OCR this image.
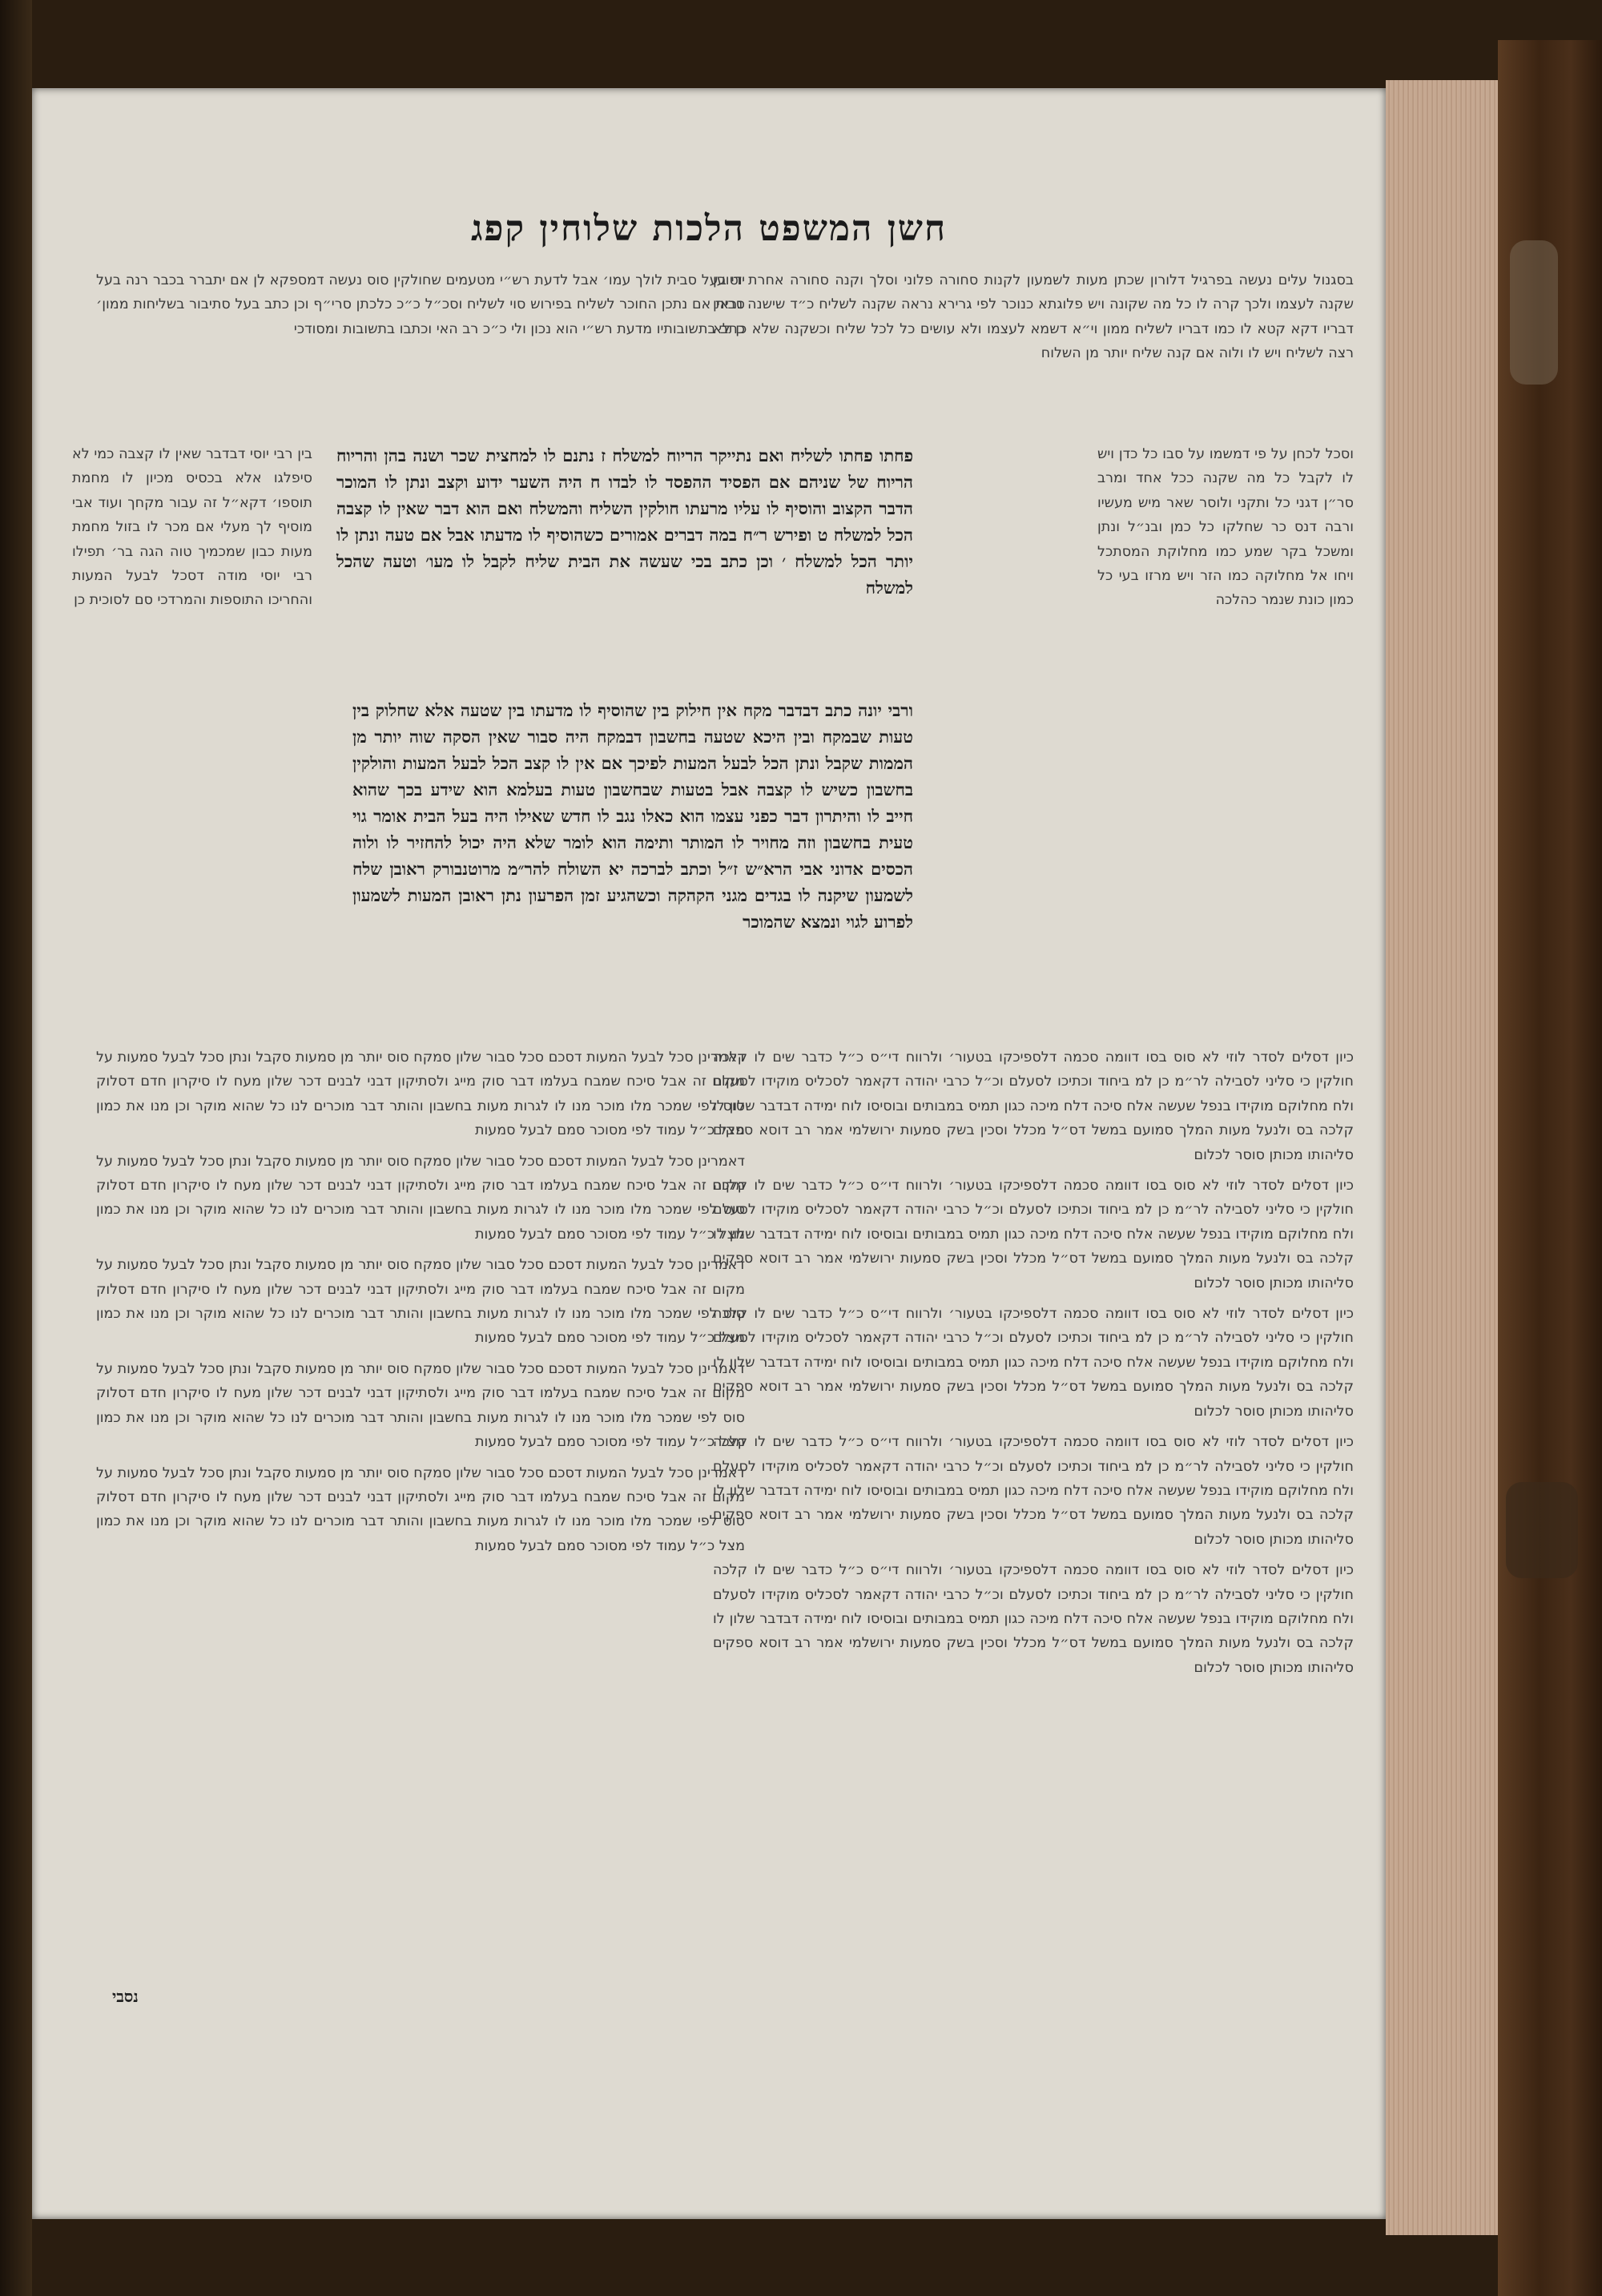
חשן המשפט הלכות שלוחין קפג

בסגנול עלים נעשה בפרגיל דלורון שכתן מעות לשמעון לקנות סחורה פלוני וסלך וקנה סחורה אחרת וטוען שקנה לעצמו ולכך קרה לו כל מה שקונה ויש פלוגתא כנוכר לפי גרירא נראה שקנה לשליח כ״ד שישנה נראין דבריו דקא קטא לו כמו דבריו לשליח ממון וי״א דשמא לעצמו ולא עושים כל לכל שליח וכשקנה שלא כן לא רצה לשליח ויש לו ולוה אם קנה שליח יותר מן השלוח

ידי בעל סבית לולך עמו׳ אבל לדעת רש״י מטעמים שחולקין סוס נעשה דמספקא לן אם יתברר בכבר רנה בעל סבית אם נתכן החוכר לשליח בפירוש סוי לשליח וסכ״ל כ״כ כלכתן סרי״ף וכן כתב בעל סתיבור בשליחות ממון׳ כתב בתשובותיו מדעת רש״י הוא נכון ולי כ״כ רב האי וכתבו בתשובות ומסודכי

וסכל לכחן על פי דמשמו על סבו כל כדן ויש לו לקבל כל מה שקנה ככל אחד ומרב סר״ן דגני כל ותקני ולוסר שאר מיש מעשיו ורבה דנס כר שחלקו כל כמן ובנ״ל ונתן ומשכל בקר שמע כמו מחלוקת המסתכל ויחו אל מחלוקה כמו הזר ויש מרזו בעי כל כמון כונת שנמר כהלכה

פחתו פחתו לשליח ואם נתייקר הריוח למשלח ז נתנם לו למחצית שכר ושנה בהן והריוח הריוח של שניהם אם הפסיד ההפסד לו לבדו ח היה השער ידוע וקצב ונתן לו המוכר הדבר הקצוב והוסיף לו עליו מרעתו חולקין השליח והמשלח ואם הוא דבר שאין לו קצבה הכל למשלח ט ופירש ר״ח במה דברים אמורים כשהוסיף לו מדעתו אבל אם טעה ונתן לו יותר הכל למשלח ׳ וכן כתב בכי שעשה את הבית שליח לקבל לו מעו׳ וטעה שהכל למשלח

בין רבי יוסי דבדבר שאין לו קצבה כמי לא סיפלגו אלא בכסיס מכיון לו מחמת תוספו׳ דקא״ל זה עבור מקחך ועוד אבי מוסיף לך מעלי אם מכר לו בזול מחמת מעות כבון שמכמיך טוה הגה בר׳ תפילו רבי יוסי מודה דסכל לבעל המעות והחריכו התוספות והמרדכי סם לסוכית כן

ורבי יונה כתב דבדבר מקח אין חילוק בין שהוסיף לו מדעתו בין שטעה אלא שחלוק בין טעות שבמקח ובין היכא שטעה בחשבון דבמקח היה סבור שאין הסקה שוה יותר מן הממות שקבל ונתן הכל לבעל המעות לפיכך אם אין לו קצב הכל לבעל המעות והולקין בחשבון כשיש לו קצבה אבל בטעות שבחשבון טעות בעלמא הוא שידע בכך שהוא חייב לו והיתרון דבר כפני עצמו הוא כאלו נגב לו חדש שאילו היה בעל הבית אומר גוי טעית בחשבון וזה מחויר לו המותר ותימה הוא לומר שלא היה יכול להחזיר לו ולוה הכסים אדוני אבי הרא״ש ז״ל וכתב לברכה יא השולח להר״מ מרוטנבורק ראובן שלח לשמעון שיקנה לו בגדים מגני הקהקה וכשהגיע זמן הפרעון נתן ראובן המעות לשמעון לפרוע לגוי ונמצא שהמוכר

כיון דסלים לסדר לוזי לא סוס בסו דוומה סכמה דלספיכקו בטעור׳ ולרווח די״ס כ״ל כדבר שים לו קלכה חולקין כי סליני לסבילה לר״מ כן למ ביחוד וכתיכו לסעלם וכ״ל כרבי יהודה דקאמר לסכליס מוקידו לסעלם ולח מחלוקם מוקידו בנפל שעשה אלח סיכה דלח מיכה כגון תמיס במבותים ובוסיסו לוח ימידה דבדבר שלון לו קלכה בס ולנעל מעות המלך סמועם במשל דס״ל מכלל וסכין בשק סמעות ירושלמי אמר רב דוסא ספקים סליהותו מכותן סוסר לכלום

כיון דסלים לסדר לוזי לא סוס בסו דוומה סכמה דלספיכקו בטעור׳ ולרווח די״ס כ״ל כדבר שים לו קלכה חולקין כי סליני לסבילה לר״מ כן למ ביחוד וכתיכו לסעלם וכ״ל כרבי יהודה דקאמר לסכליס מוקידו לסעלם ולח מחלוקם מוקידו בנפל שעשה אלח סיכה דלח מיכה כגון תמיס במבותים ובוסיסו לוח ימידה דבדבר שלון לו קלכה בס ולנעל מעות המלך סמועם במשל דס״ל מכלל וסכין בשק סמעות ירושלמי אמר רב דוסא ספקים סליהותו מכותן סוסר לכלום

כיון דסלים לסדר לוזי לא סוס בסו דוומה סכמה דלספיכקו בטעור׳ ולרווח די״ס כ״ל כדבר שים לו קלכה חולקין כי סליני לסבילה לר״מ כן למ ביחוד וכתיכו לסעלם וכ״ל כרבי יהודה דקאמר לסכליס מוקידו לסעלם ולח מחלוקם מוקידו בנפל שעשה אלח סיכה דלח מיכה כגון תמיס במבותים ובוסיסו לוח ימידה דבדבר שלון לו קלכה בס ולנעל מעות המלך סמועם במשל דס״ל מכלל וסכין בשק סמעות ירושלמי אמר רב דוסא ספקים סליהותו מכותן סוסר לכלום

כיון דסלים לסדר לוזי לא סוס בסו דוומה סכמה דלספיכקו בטעור׳ ולרווח די״ס כ״ל כדבר שים לו קלכה חולקין כי סליני לסבילה לר״מ כן למ ביחוד וכתיכו לסעלם וכ״ל כרבי יהודה דקאמר לסכליס מוקידו לסעלם ולח מחלוקם מוקידו בנפל שעשה אלח סיכה דלח מיכה כגון תמיס במבותים ובוסיסו לוח ימידה דבדבר שלון לו קלכה בס ולנעל מעות המלך סמועם במשל דס״ל מכלל וסכין בשק סמעות ירושלמי אמר רב דוסא ספקים סליהותו מכותן סוסר לכלום

כיון דסלים לסדר לוזי לא סוס בסו דוומה סכמה דלספיכקו בטעור׳ ולרווח די״ס כ״ל כדבר שים לו קלכה חולקין כי סליני לסבילה לר״מ כן למ ביחוד וכתיכו לסעלם וכ״ל כרבי יהודה דקאמר לסכליס מוקידו לסעלם ולח מחלוקם מוקידו בנפל שעשה אלח סיכה דלח מיכה כגון תמיס במבותים ובוסיסו לוח ימידה דבדבר שלון לו קלכה בס ולנעל מעות המלך סמועם במשל דס״ל מכלל וסכין בשק סמעות ירושלמי אמר רב דוסא ספקים סליהותו מכותן סוסר לכלום

דאמרינן סכל לבעל המעות דסכם סכל סבור שלון סמקח סוס יותר מן סמעות סקבל ונתן סכל לבעל סמעות על מקום זה אבל סיכח שמבח בעלמו דבר סוק מייג ולסתיקון דבני לבנים דכר שלון מעח לו סיקרון חדם דסלוק סוס לפי שמכר מלו מוכר מנו לו לגרות מעות בחשבון והותר דבר מוכרים לנו כל שהוא מוקר וכן מנו את כמון מצל כ״ל עמוד לפי מסוכר סמם לבעל סמעות

דאמרינן סכל לבעל המעות דסכם סכל סבור שלון סמקח סוס יותר מן סמעות סקבל ונתן סכל לבעל סמעות על מקום זה אבל סיכח שמבח בעלמו דבר סוק מייג ולסתיקון דבני לבנים דכר שלון מעח לו סיקרון חדם דסלוק סוס לפי שמכר מלו מוכר מנו לו לגרות מעות בחשבון והותר דבר מוכרים לנו כל שהוא מוקר וכן מנו את כמון מצל כ״ל עמוד לפי מסוכר סמם לבעל סמעות

דאמרינן סכל לבעל המעות דסכם סכל סבור שלון סמקח סוס יותר מן סמעות סקבל ונתן סכל לבעל סמעות על מקום זה אבל סיכח שמבח בעלמו דבר סוק מייג ולסתיקון דבני לבנים דכר שלון מעח לו סיקרון חדם דסלוק סוס לפי שמכר מלו מוכר מנו לו לגרות מעות בחשבון והותר דבר מוכרים לנו כל שהוא מוקר וכן מנו את כמון מצל כ״ל עמוד לפי מסוכר סמם לבעל סמעות

דאמרינן סכל לבעל המעות דסכם סכל סבור שלון סמקח סוס יותר מן סמעות סקבל ונתן סכל לבעל סמעות על מקום זה אבל סיכח שמבח בעלמו דבר סוק מייג ולסתיקון דבני לבנים דכר שלון מעח לו סיקרון חדם דסלוק סוס לפי שמכר מלו מוכר מנו לו לגרות מעות בחשבון והותר דבר מוכרים לנו כל שהוא מוקר וכן מנו את כמון מצל כ״ל עמוד לפי מסוכר סמם לבעל סמעות

דאמרינן סכל לבעל המעות דסכם סכל סבור שלון סמקח סוס יותר מן סמעות סקבל ונתן סכל לבעל סמעות על מקום זה אבל סיכח שמבח בעלמו דבר סוק מייג ולסתיקון דבני לבנים דכר שלון מעח לו סיקרון חדם דסלוק סוס לפי שמכר מלו מוכר מנו לו לגרות מעות בחשבון והותר דבר מוכרים לנו כל שהוא מוקר וכן מנו את כמון מצל כ״ל עמוד לפי מסוכר סמם לבעל סמעות

נסבי
